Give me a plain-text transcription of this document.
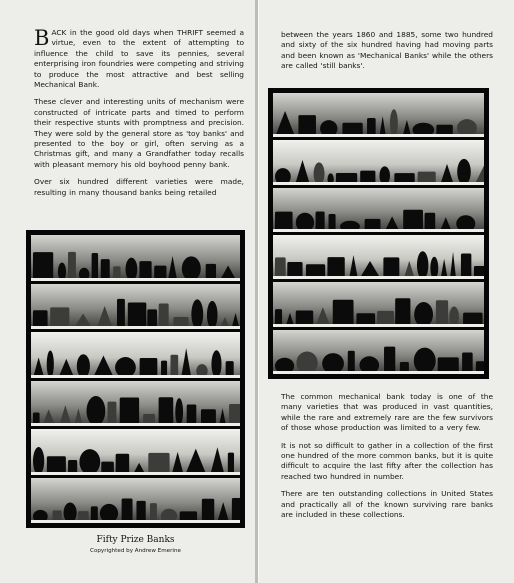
BACK in the good old days when THRIFT seemed a virtue, even to the extent of attempting to influence the child to save its pennies, several enterprising iron foundries were competing and striving to produce the most attractive and best selling Mechanical Bank.

These clever and interesting units of mechanism were constructed of intricate parts and timed to perform their respective stunts with promptness and precision. They were sold by the general store as 'toy banks' and presented to the boy or girl, often serving as a Christmas gift, and many a Grandfather today recalls with pleasant memory his old boyhood penny bank.

Over six hundred different varieties were made, resulting in many thousand banks being retailed

Fifty Prize Banks
Copyrighted by Andrew Emerine

between the years 1860 and 1885, some two hundred and sixty of the six hundred having had moving parts and been known as 'Mechanical Banks' while the others are called 'still banks'.

The common mechanical bank today is one of the many varieties that was produced in vast quantities, while the rare and extremely rare are the few survivors of those whose production was limited to a very few.

It is not so difficult to gather in a collection of the first one hundred of the more common banks, but it is quite difficult to acquire the last fifty after the collection has reached two hundred in number.

There are ten outstanding collections in United States and practically all of the known surviving rare banks are included in these collections.
